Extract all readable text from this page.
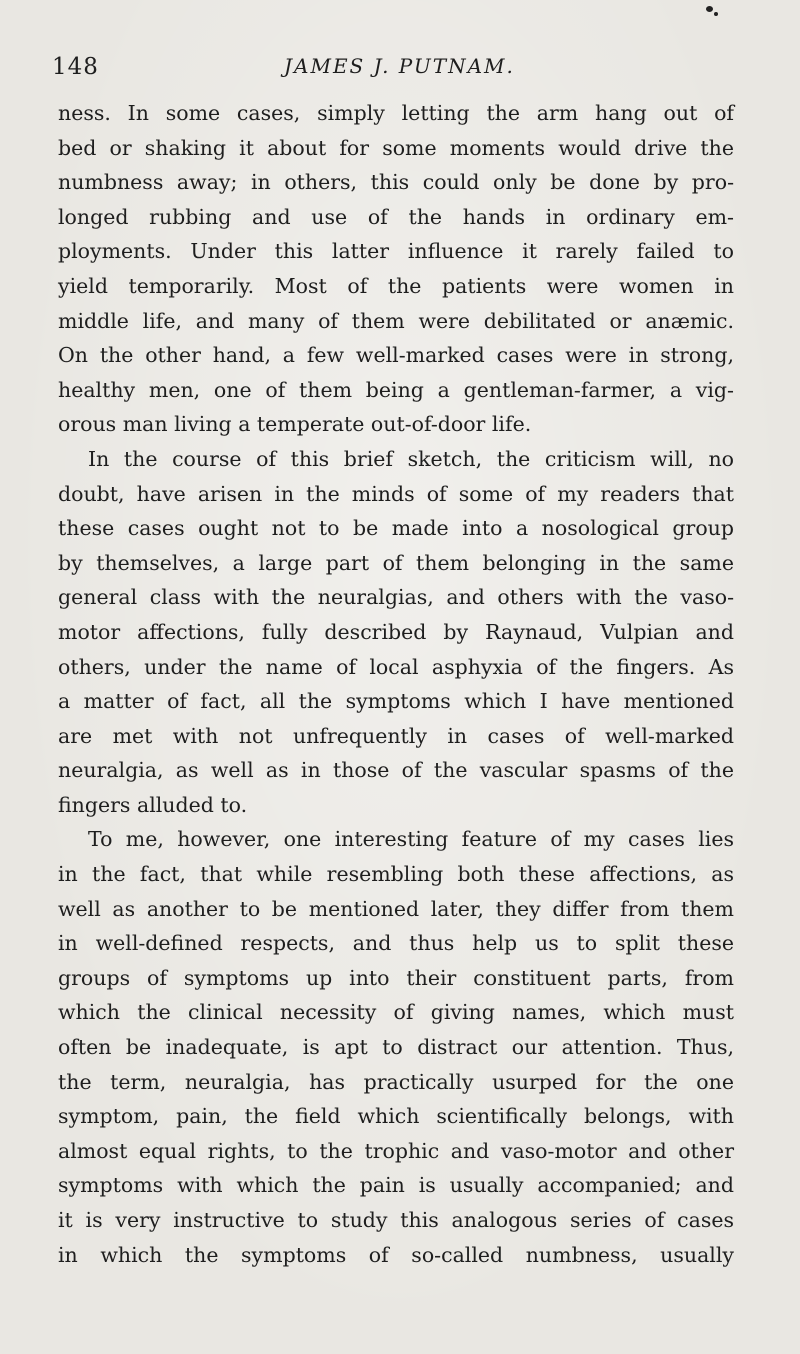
148	JAMES J. PUTNAM.
ness. In some cases, simply letting the arm hang out of
bed or shaking it about for some moments would drive the
numbness away; in others, this could only be done by pro-
longed rubbing and use of the hands in ordinary em-
ployments. Under this latter influence it rarely failed to
yield temporarily. Most of the patients were women in
middle life, and many of them were debilitated or anæmic.
On the other hand, a few well-marked cases were in strong,
healthy men, one of them being a gentleman-farmer, a vig-
orous man living a temperate out-of-door life.
In the course of this brief sketch, the criticism will, no
doubt, have arisen in the minds of some of my readers that
these cases ought not to be made into a nosological group
by themselves, a large part of them belonging in the same
general class with the neuralgias, and others with the vaso-
motor affections, fully described by Raynaud, Vulpian and
others, under the name of local asphyxia of the fingers. As
a matter of fact, all the symptoms which I have mentioned
are met with not unfrequently in cases of well-marked
neuralgia, as well as in those of the vascular spasms of the
fingers alluded to.
To me, however, one interesting feature of my cases lies
in the fact, that while resembling both these affections, as
well as another to be mentioned later, they differ from them
in well-defined respects, and thus help us to split these
groups of symptoms up into their constituent parts, from
which the clinical necessity of giving names, which must
often be inadequate, is apt to distract our attention. Thus,
the term, neuralgia, has practically usurped for the one
symptom, pain, the field which scientifically belongs, with
almost equal rights, to the trophic and vaso-motor and other
symptoms with which the pain is usually accompanied; and
it is very instructive to study this analogous series of cases
in which the symptoms of so-called numbness, usually
